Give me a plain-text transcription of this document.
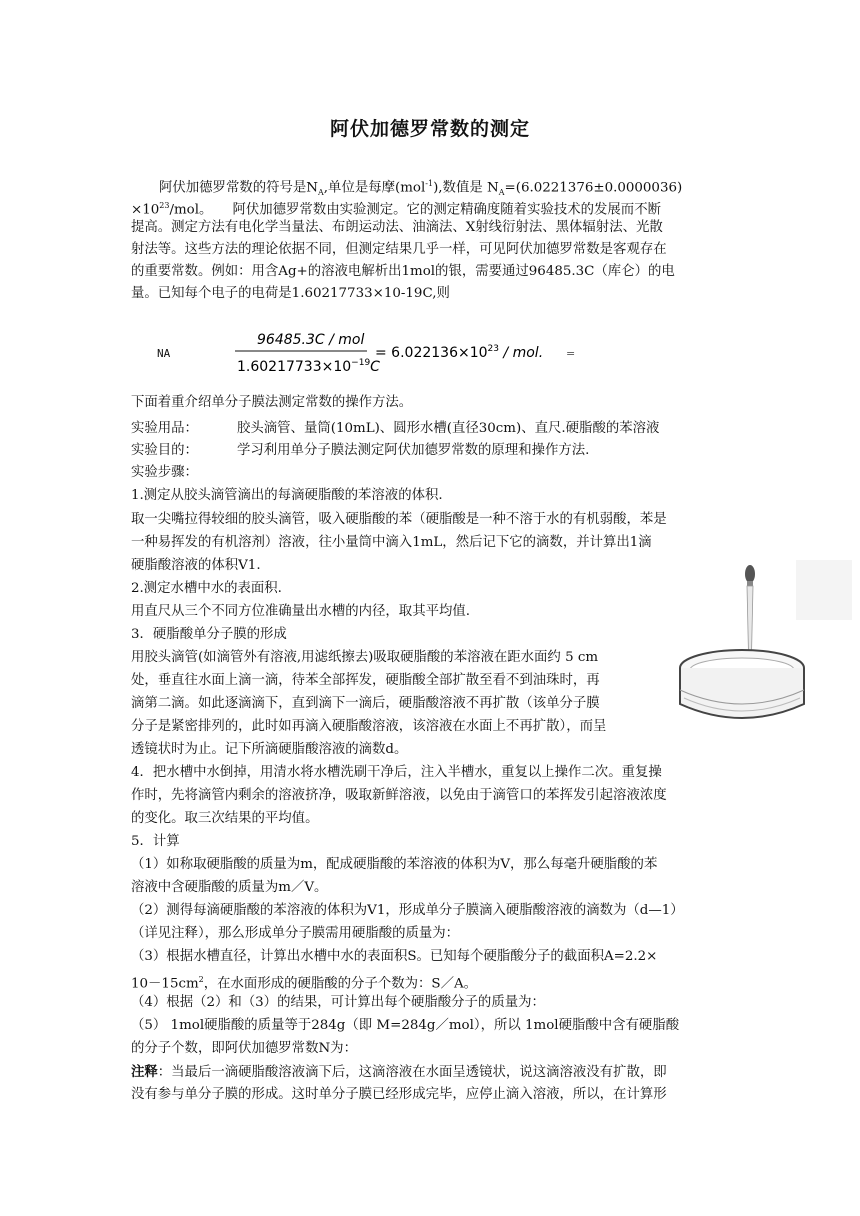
阿伏加德罗常数的测定
阿伏加德罗常数的符号是$N_A$,单位是每摩(mol$^{-1}$),数值是 $N_A=(6.0221376\pm 0.0000036)$
$\times 10^{23}$/mol。　　阿伏加德罗常数由实验测定。它的测定精确度随着实验技术的发展而不断
提高。测定方法有电化学当量法、布朗运动法、油滴法、X射线衍射法、黑体辐射法、光散
射法等。这些方法的理论依据不同，但测定结果几乎一样，可见阿伏加德罗常数是客观存在
的重要常数。例如：用含Ag+的溶液电解析出1mol的银，需要通过96485.3C（库仑）的电
量。已知每个电子的电荷是1.60217733×10-19C,则
NA
96485.3C / mol
$1.60217733\times 10^{-19}C$
= $6.022136\times 10^{23}$ / mol. =
下面着重介绍单分子膜法测定常数的操作方法。
实验用品：	胶头滴管、量筒(10mL)、圆形水槽(直径30cm)、直尺.硬脂酸的苯溶液
实验目的：	学习利用单分子膜法测定阿伏加德罗常数的原理和操作方法.
实验步骤：
1.测定从胶头滴管滴出的每滴硬脂酸的苯溶液的体积.
取一尖嘴拉得较细的胶头滴管，吸入硬脂酸的苯（硬脂酸是一种不溶于水的有机弱酸，苯是
一种易挥发的有机溶剂）溶液，往小量筒中滴入1mL，然后记下它的滴数，并计算出1滴
硬脂酸溶液的体积V1.
2.测定水槽中水的表面积.
用直尺从三个不同方位准确量出水槽的内径，取其平均值.
3．硬脂酸单分子膜的形成
用胶头滴管(如滴管外有溶液,用滤纸擦去)吸取硬脂酸的苯溶液在距水面约 5 cm
处，垂直往水面上滴一滴，待苯全部挥发，硬脂酸全部扩散至看不到油珠时，再
滴第二滴。如此逐滴滴下，直到滴下一滴后，硬脂酸溶液不再扩散（该单分子膜
分子是紧密排列的，此时如再滴入硬脂酸溶液，该溶液在水面上不再扩散），而呈
透镜状时为止。记下所滴硬脂酸溶液的滴数d。
4．把水槽中水倒掉，用清水将水槽洗刷干净后，注入半槽水，重复以上操作二次。重复操
作时，先将滴管内剩余的溶液挤净，吸取新鲜溶液，以免由于滴管口的苯挥发引起溶液浓度
的变化。取三次结果的平均值。
5．计算
（1）如称取硬脂酸的质量为m，配成硬脂酸的苯溶液的体积为V，那么每毫升硬脂酸的苯
溶液中含硬脂酸的质量为m／V。
（2）测得每滴硬脂酸的苯溶液的体积为V1，形成单分子膜滴入硬脂酸溶液的滴数为（d—1）
（详见注释），那么形成单分子膜需用硬脂酸的质量为：
（3）根据水槽直径，计算出水槽中水的表面积S。已知每个硬脂酸分子的截面积A=2.2×
$10-15cm^2$，在水面形成的硬脂酸的分子个数为：S／A。
（4）根据（2）和（3）的结果，可计算出每个硬脂酸分子的质量为：
（5） 1mol硬脂酸的质量等于284g（即 M=284g／mol），所以 1mol硬脂酸中含有硬脂酸
的分子个数，即阿伏加德罗常数N为：
注释：当最后一滴硬脂酸溶液滴下后，这滴溶液在水面呈透镜状，说这滴溶液没有扩散，即
没有参与单分子膜的形成。这时单分子膜已经形成完毕，应停止滴入溶液，所以，在计算形
